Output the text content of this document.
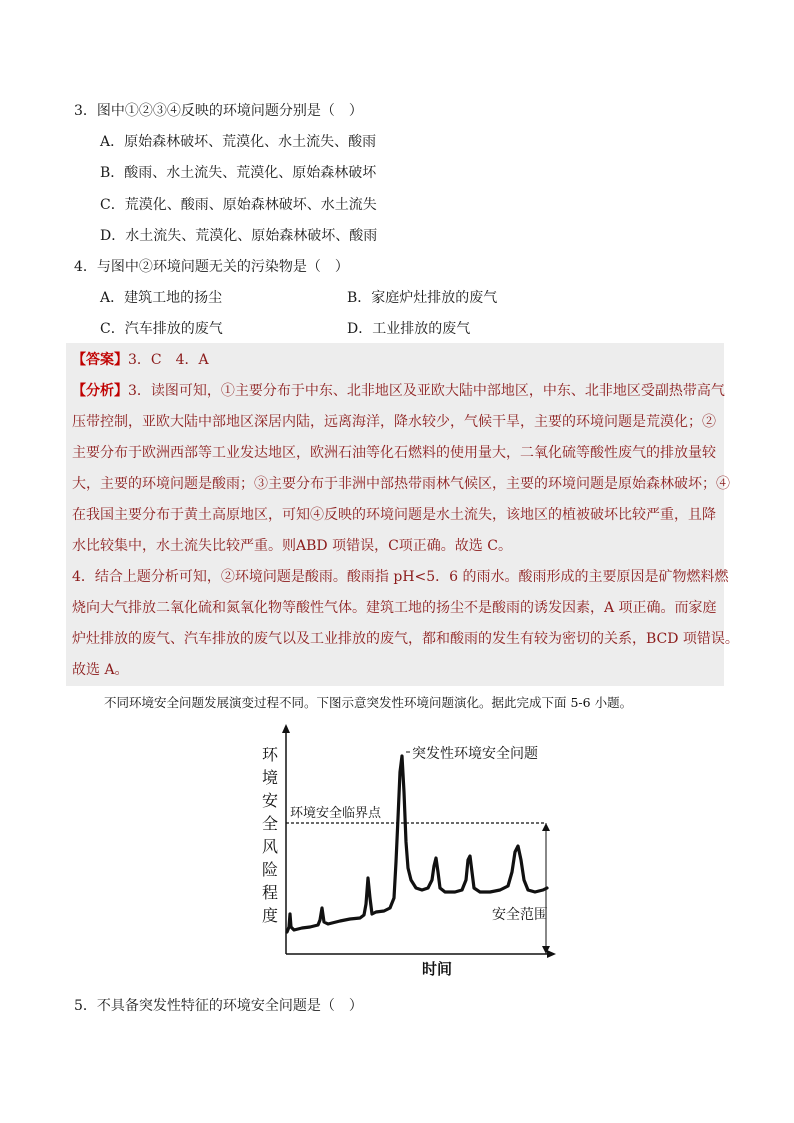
3．图中①②③④反映的环境问题分别是（　）
A．原始森林破坏、荒漠化、水土流失、酸雨
B．酸雨、水土流失、荒漠化、原始森林破坏
C．荒漠化、酸雨、原始森林破坏、水土流失
D．水土流失、荒漠化、原始森林破坏、酸雨
4．与图中②环境问题无关的污染物是（　）
A．建筑工地的扬尘	B．家庭炉灶排放的废气
C．汽车排放的废气	D．工业排放的废气
【答案】3．C　4．A
【分析】3．读图可知，①主要分布于中东、北非地区及亚欧大陆中部地区，中东、北非地区受副热带高气
压带控制，亚欧大陆中部地区深居内陆，远离海洋，降水较少，气候干旱，主要的环境问题是荒漠化；②
主要分布于欧洲西部等工业发达地区，欧洲石油等化石燃料的使用量大，二氧化硫等酸性废气的排放量较
大，主要的环境问题是酸雨；③主要分布于非洲中部热带雨林气候区，主要的环境问题是原始森林破坏；④
在我国主要分布于黄土高原地区，可知④反映的环境问题是水土流失，该地区的植被破坏比较严重，且降
水比较集中，水土流失比较严重。则ABD 项错误，C项正确。故选 C。
4．结合上题分析可知，②环境问题是酸雨。酸雨指 pH<5．6 的雨水。酸雨形成的主要原因是矿物燃料燃
烧向大气排放二氧化硫和氮氧化物等酸性气体。建筑工地的扬尘不是酸雨的诱发因素，A 项正确。而家庭
炉灶排放的废气、汽车排放的废气以及工业排放的废气，都和酸雨的发生有较为密切的关系，BCD 项错误。
故选 A。
不同环境安全问题发展演变过程不同。下图示意突发性环境问题演化。据此完成下面 5-6 小题。
环
境
安
全
风
险
程
度
时间
环境安全临界点
安全范围
突发性环境安全问题
5．不具备突发性特征的环境安全问题是（　）
